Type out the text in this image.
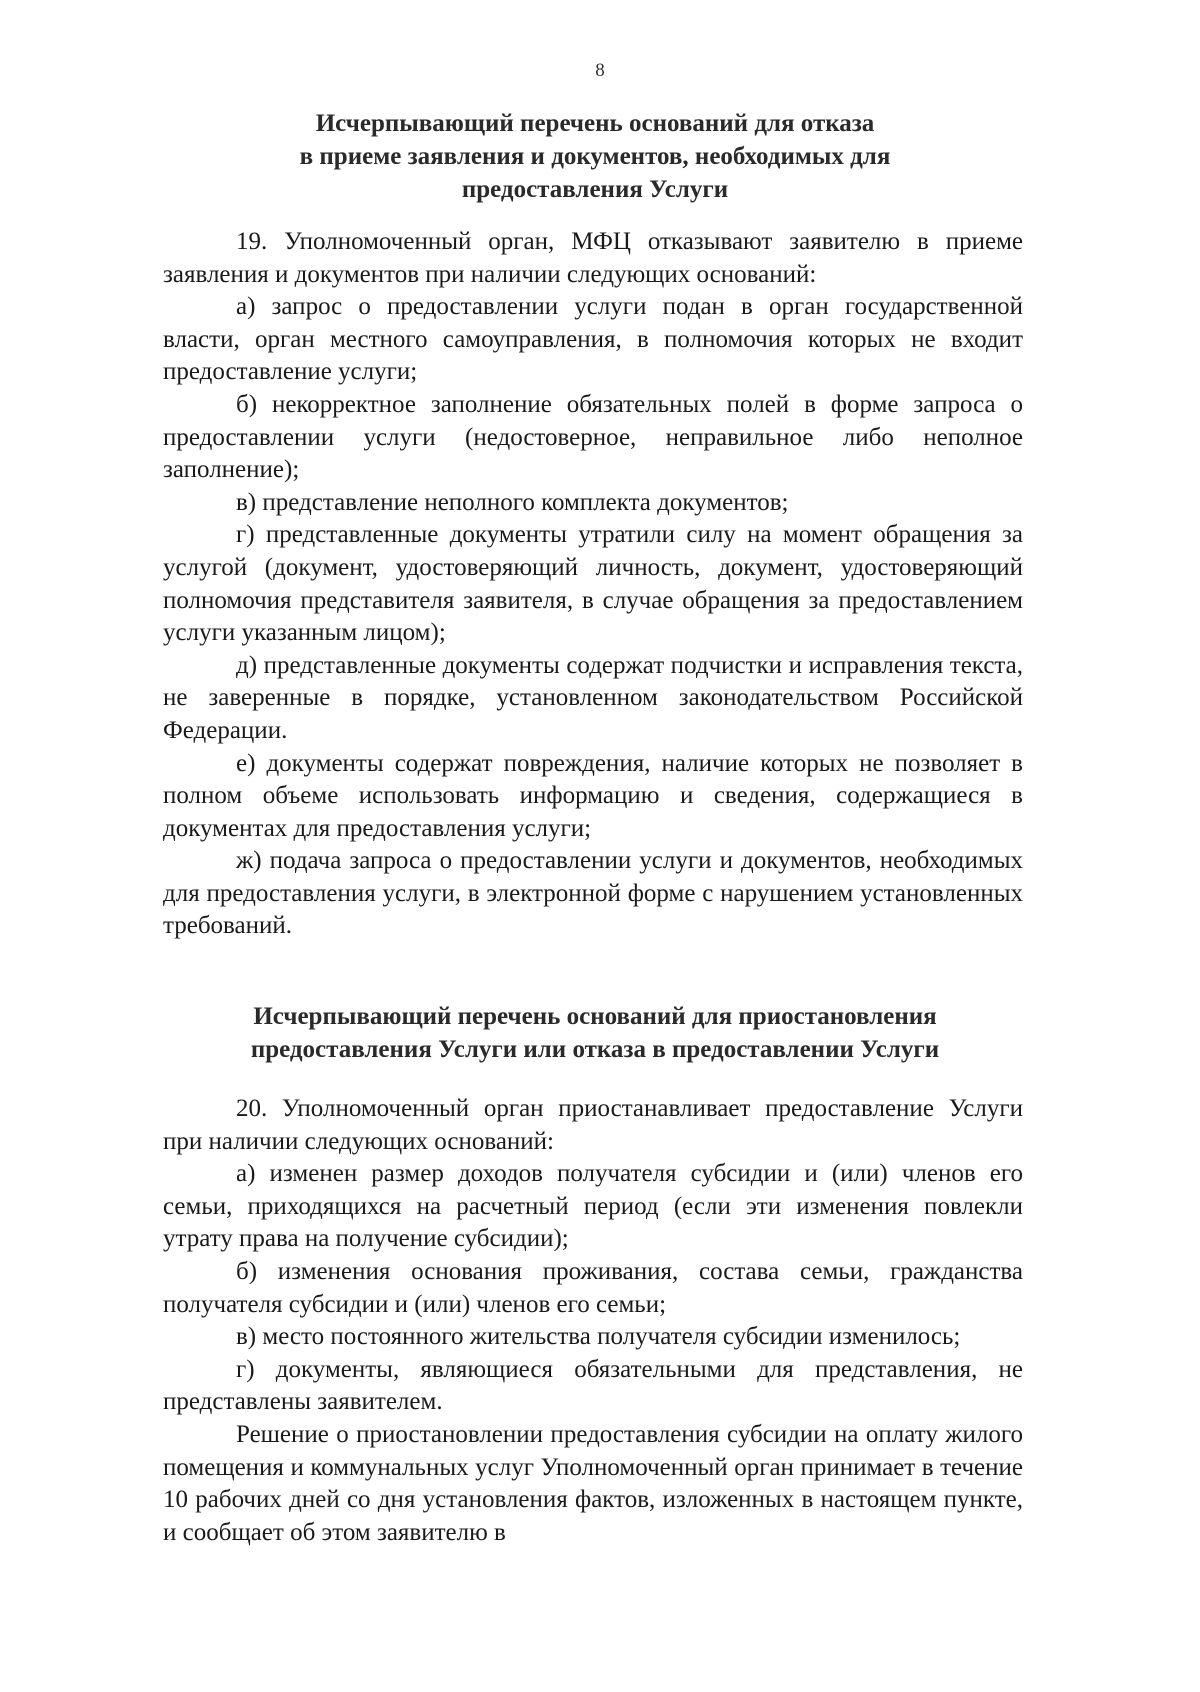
8
Исчерпывающий перечень оснований для отказа
в приеме заявления и документов, необходимых для
предоставления Услуги

19. Уполномоченный орган, МФЦ отказывают заявителю в приеме заявления и документов при наличии следующих оснований:

а) запрос о предоставлении услуги подан в орган государственной власти, орган местного самоуправления, в полномочия которых не входит предоставление услуги;

б) некорректное заполнение обязательных полей в форме запроса о предоставлении услуги (недостоверное, неправильное либо неполное заполнение);

в) представление неполного комплекта документов;

г) представленные документы утратили силу на момент обращения за услугой (документ, удостоверяющий личность, документ, удостоверяющий полномочия представителя заявителя, в случае обращения за предоставлением услуги указанным лицом);

д) представленные документы содержат подчистки и исправления текста, не заверенные в порядке, установленном законодательством Российской Федерации.

е) документы содержат повреждения, наличие которых не позволяет в полном объеме использовать информацию и сведения, содержащиеся в документах для предоставления услуги;

ж) подача запроса о предоставлении услуги и документов, необходимых для предоставления услуги, в электронной форме с нарушением установленных требований.

Исчерпывающий перечень оснований для приостановления
предоставления Услуги или отказа в предоставлении Услуги

20. Уполномоченный орган приостанавливает предоставление Услуги при наличии следующих оснований:

а) изменен размер доходов получателя субсидии и (или) членов его семьи, приходящихся на расчетный период (если эти изменения повлекли утрату права на получение субсидии);

б) изменения основания проживания, состава семьи, гражданства получателя субсидии и (или) членов его семьи;

в) место постоянного жительства получателя субсидии изменилось;

г) документы, являющиеся обязательными для представления, не представлены заявителем.

Решение о приостановлении предоставления субсидии на оплату жилого помещения и коммунальных услуг Уполномоченный орган принимает в течение 10 рабочих дней со дня установления фактов, изложенных в настоящем пункте, и сообщает об этом заявителю в
